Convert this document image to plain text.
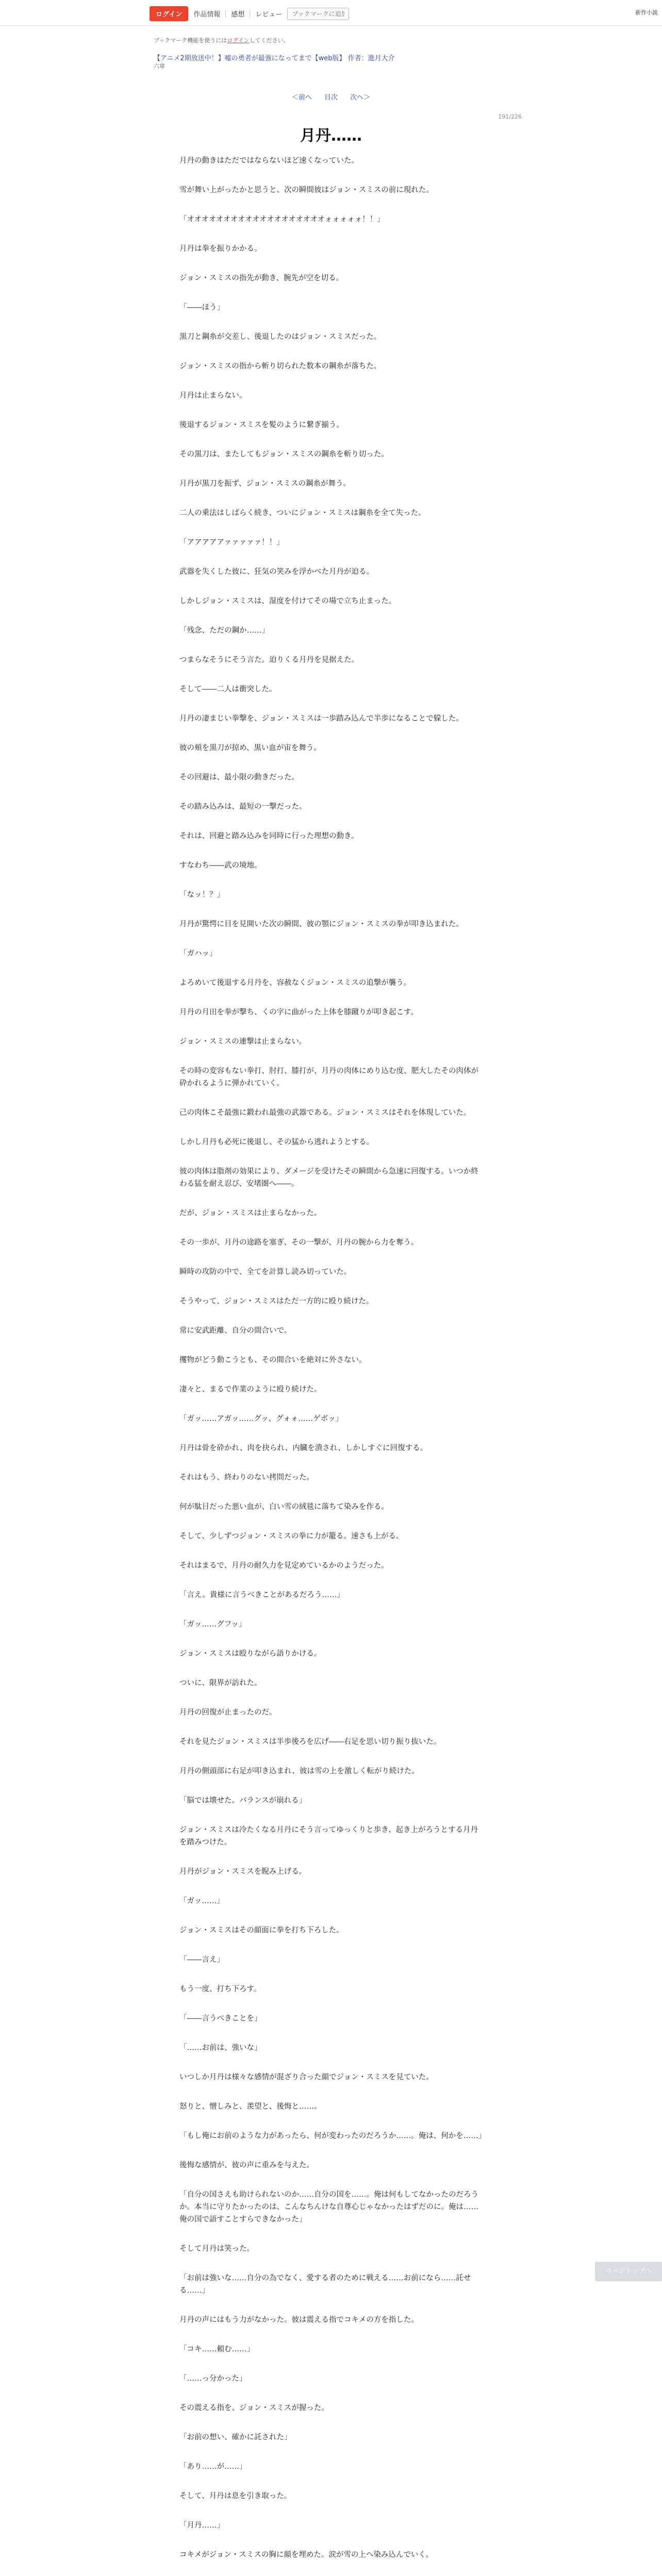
ログイン	作品情報 感想 レビュー
ブックマークに追加	新作小説
ブックマーク機能を使うにはログインしてください。
【アニメ2期放送中！】嘘の勇者が最強になってまで【web版】 作者：進月大介
六章
＜前へ 目次 次へ＞
191/226
月丹……

月丹の動きはただではならないほど速くなっていた。

雪が舞い上がったかと思うと、次の瞬間彼はジョン・スミスの前に現れた。

「オオオオオオオオオオオオオオオオオオオォォォォォ！！」

月丹は拳を振りかかる。

ジョン・スミスの指先が動き、腕先が空を切る。

「――ほう」

黒刀と鋼糸が交差し、後退したのはジョン・スミスだった。

ジョン・スミスの指から斬り切られた数本の鋼糸が落ちた。

月丹は止まらない。

後退するジョン・スミスを髪のように繋ぎ揃う。

その黒刀は、またしてもジョン・スミスの鋼糸を斬り切った。

月丹が黒刀を振ず、ジョン・スミスの鋼糸が舞う。

二人の乗法はしばらく続き、ついにジョン・スミスは鋼糸を全て失った。

「アアアアアァァァァァ！！」

武器を失くした彼に、狂気の笑みを浮かべた月丹が迫る。

しかしジョン・スミスは、湿度を付けてその場で立ち止まった。

「残念、ただの鋼か……」

つまらなそうにそう言た。迫りくる月丹を見据えた。

そして――二人は衝突した。

月丹の凄まじい拳撃を、ジョン・スミスは一歩踏み込んで半歩になることで躱した。

彼の頬を黒刀が掠め、黒い血が宙を舞う。

その回避は、最小限の動きだった。

その踏み込みは、最短の一撃だった。

それは、回避と踏み込みを同時に行った理想の動き。

すなわち――武の境地。

「なッ！？」

月丹が驚愕に目を見開いた次の瞬間、彼の顎にジョン・スミスの拳が叩き込まれた。

「ガハッ」

よろめいて後退する月丹を、容赦なくジョン・スミスの追撃が襲う。

月丹の月田を拳が撃ち、くの字に曲がった上体を膝蹴りが叩き起こす。

ジョン・スミスの連撃は止まらない。

その時の変容もない拳打、肘打、膝打が、月丹の肉体にめり込む度、肥大したその肉体が砕かれるように弾かれていく。

己の肉体こそ最強に鍛われ最強の武器である。ジョン・スミスはそれを体現していた。

しかし月丹も必死に後退し、その猛から逃れようとする。

彼の肉体は脂剤の効果により、ダメージを受けたその瞬間から急速に回復する。いつか終わる猛を耐え忍び、安堵圏へ――。

だが、ジョン・スミスは止まらなかった。

その一歩が、月丹の途路を塞ぎ、その一撃が、月丹の腕から力を奪う。

瞬時の攻防の中で、全てを計算し読み切っていた。

そうやって、ジョン・スミスはただ一方的に殴り続けた。

常に安武距離、自分の間合いで。

攫物がどう動こうとも、その間合いを絶対に外さない。

凄々と、まるで作業のように殴り続けた。

「ガッ……アガッ……グッ、グォォ……ゲボッ」

月丹は骨を砕かれ、肉を抉られ、内臓を潰され、しかしすぐに回復する。

それはもう、終わりのない拷問だった。

何が駄目だった悪い血が、白い雪の絨毯に落ちて染みを作る。

そして、少しずつジョン・スミスの拳に力が籠る。速さも上がる。

それはまるで、月丹の耐久力を見定めているかのようだった。

「言え。貴様に言うべきことがあるだろう……」

「ガッ……グフッ」

ジョン・スミスは殴りながら語りかける。

ついに、限界が訪れた。

月丹の回復が止まったのだ。

それを見たジョン・スミスは半歩後ろを広げ――右足を思い切り振り抜いた。

月丹の側頭部に右足が叩き込まれ、彼は雪の上を激しく転がり続けた。

「脳では壊せた。バランスが崩れる」

ジョン・スミスは冷たくなる月丹にそう言ってゆっくりと歩き、起き上がろうとする月丹を踏みつけた。

月丹がジョン・スミスを睨み上げる。

「ガッ……」

ジョン・スミスはその顔面に拳を打ち下ろした。

「――言え」

もう一度、打ち下ろす。

「――言うべきことを」

「……お前は、強いな」

いつしか月丹は様々な感情が混ざり合った顔でジョン・スミスを見ていた。

怒りと、憎しみと、羨望と、後悔と……。

「もし俺にお前のような力があったら、何が変わったのだろうか……。俺は、何かを……」

後悔な感情が、彼の声に重みを与えた。

「自分の国さえも助けられないのか……自分の国を……。俺は何もしてなかったのだろうか。本当に守りたかったのは、こんなちんけな自尊心じゃなかったはずだのに。俺は……俺の国で語すことすらできなかった」

そして月丹は笑った。

「お前は強いな……自分の為でなく、愛する者のために戦える……お前になら……託せる……」

月丹の声にはもう力がなかった。彼は震える指でコキメの方を指した。

「コキ……頼む……」

「……っ分かった」

その震える指を、ジョン・スミスが握った。

「お前の想い、確かに託された」

「あり……が……」

そして、月丹は息を引き取った。

「月丹……」

コキメがジョン・スミスの胸に顔を埋めた。涙が雪の上へ染み込んでいく。

ページトップへ
